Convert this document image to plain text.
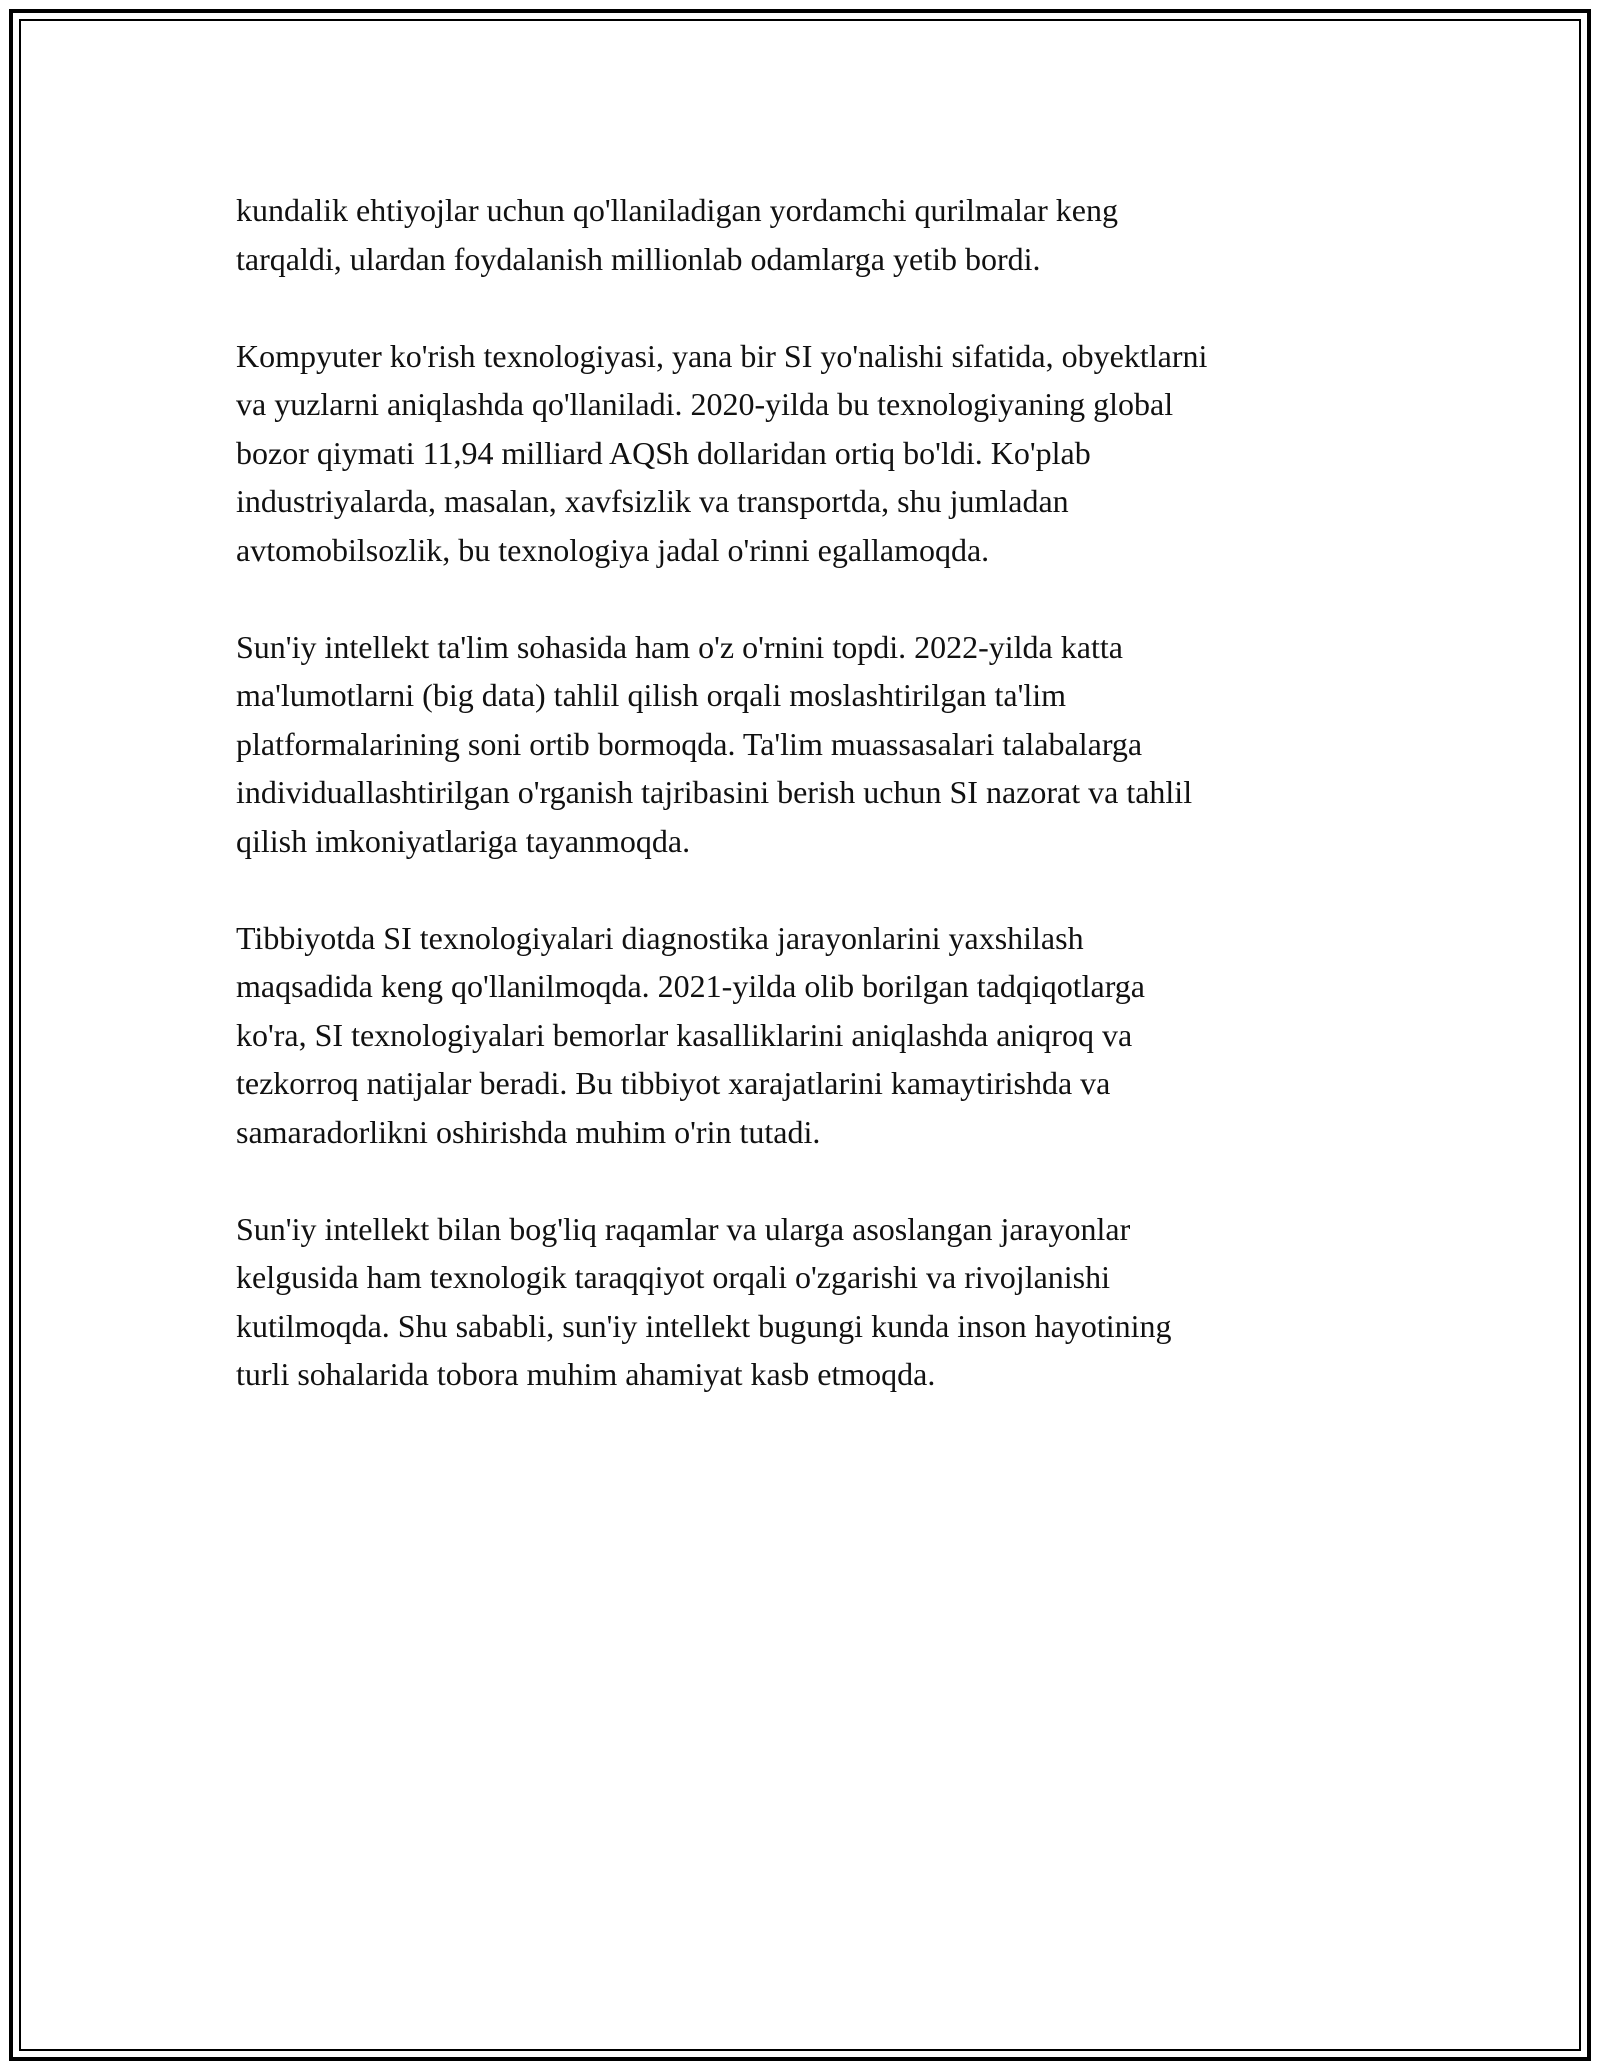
kundalik ehtiyojlar uchun qo'llaniladigan yordamchi qurilmalar keng
tarqaldi, ulardan foydalanish millionlab odamlarga yetib bordi.

Kompyuter ko'rish texnologiyasi, yana bir SI yo'nalishi sifatida, obyektlarni
va yuzlarni aniqlashda qo'llaniladi. 2020-yilda bu texnologiyaning global
bozor qiymati 11,94 milliard AQSh dollaridan ortiq bo'ldi. Ko'plab
industriyalarda, masalan, xavfsizlik va transportda, shu jumladan
avtomobilsozlik, bu texnologiya jadal o'rinni egallamoqda.

Sun'iy intellekt ta'lim sohasida ham o'z o'rnini topdi. 2022-yilda katta
ma'lumotlarni (big data) tahlil qilish orqali moslashtirilgan ta'lim
platformalarining soni ortib bormoqda. Ta'lim muassasalari talabalarga
individuallashtirilgan o'rganish tajribasini berish uchun SI nazorat va tahlil
qilish imkoniyatlariga tayanmoqda.

Tibbiyotda SI texnologiyalari diagnostika jarayonlarini yaxshilash
maqsadida keng qo'llanilmoqda. 2021-yilda olib borilgan tadqiqotlarga
ko'ra, SI texnologiyalari bemorlar kasalliklarini aniqlashda aniqroq va
tezkorroq natijalar beradi. Bu tibbiyot xarajatlarini kamaytirishda va
samaradorlikni oshirishda muhim o'rin tutadi.

Sun'iy intellekt bilan bog'liq raqamlar va ularga asoslangan jarayonlar
kelgusida ham texnologik taraqqiyot orqali o'zgarishi va rivojlanishi
kutilmoqda. Shu sababli, sun'iy intellekt bugungi kunda inson hayotining
turli sohalarida tobora muhim ahamiyat kasb etmoqda.
